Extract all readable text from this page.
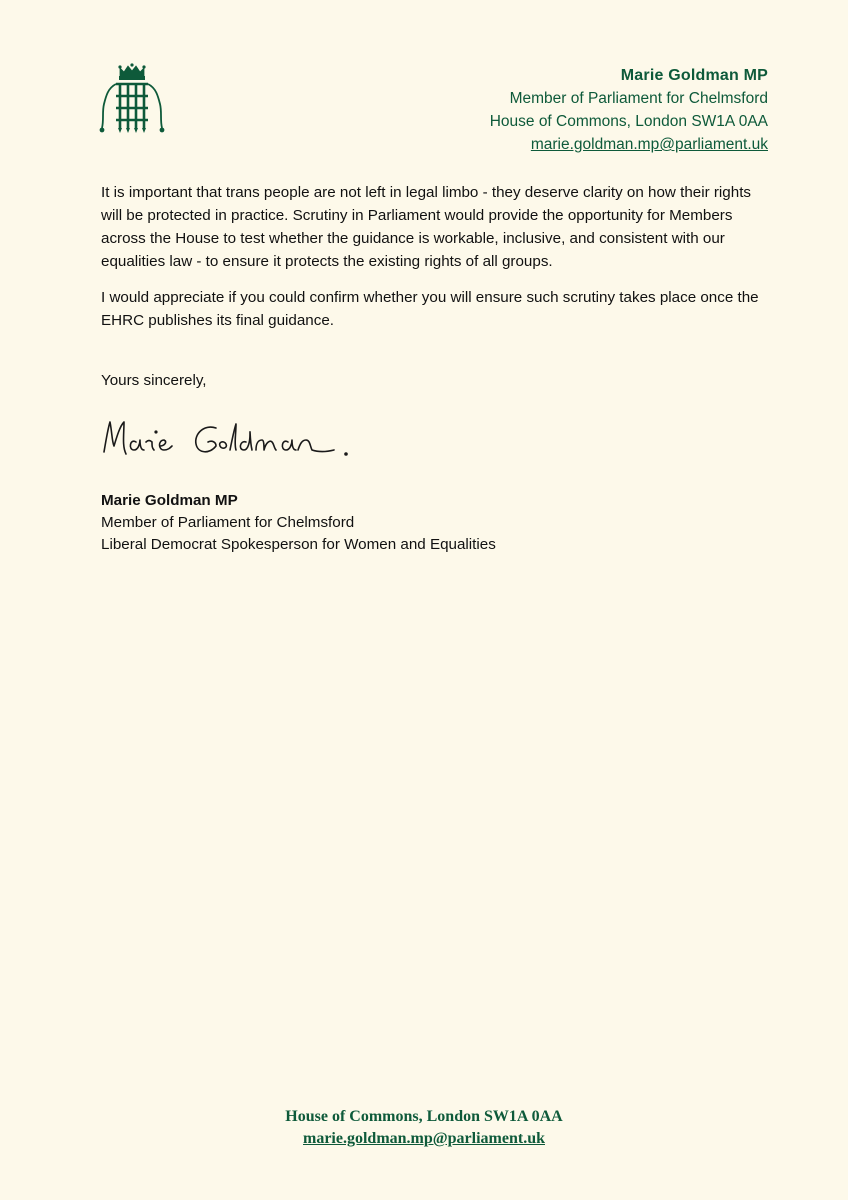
Marie Goldman MP
Member of Parliament for Chelmsford
House of Commons, London SW1A 0AA
marie.goldman.mp@parliament.uk

It is important that trans people are not left in legal limbo - they deserve clarity on how their rights will be protected in practice. Scrutiny in Parliament would provide the opportunity for Members across the House to test whether the guidance is workable, inclusive, and consistent with our equalities law - to ensure it protects the existing rights of all groups.

I would appreciate if you could confirm whether you will ensure such scrutiny takes place once the EHRC publishes its final guidance.

Yours sincerely,
Marie Goldman MP
Member of Parliament for Chelmsford
Liberal Democrat Spokesperson for Women and Equalities
House of Commons, London SW1A 0AA
marie.goldman.mp@parliament.uk
